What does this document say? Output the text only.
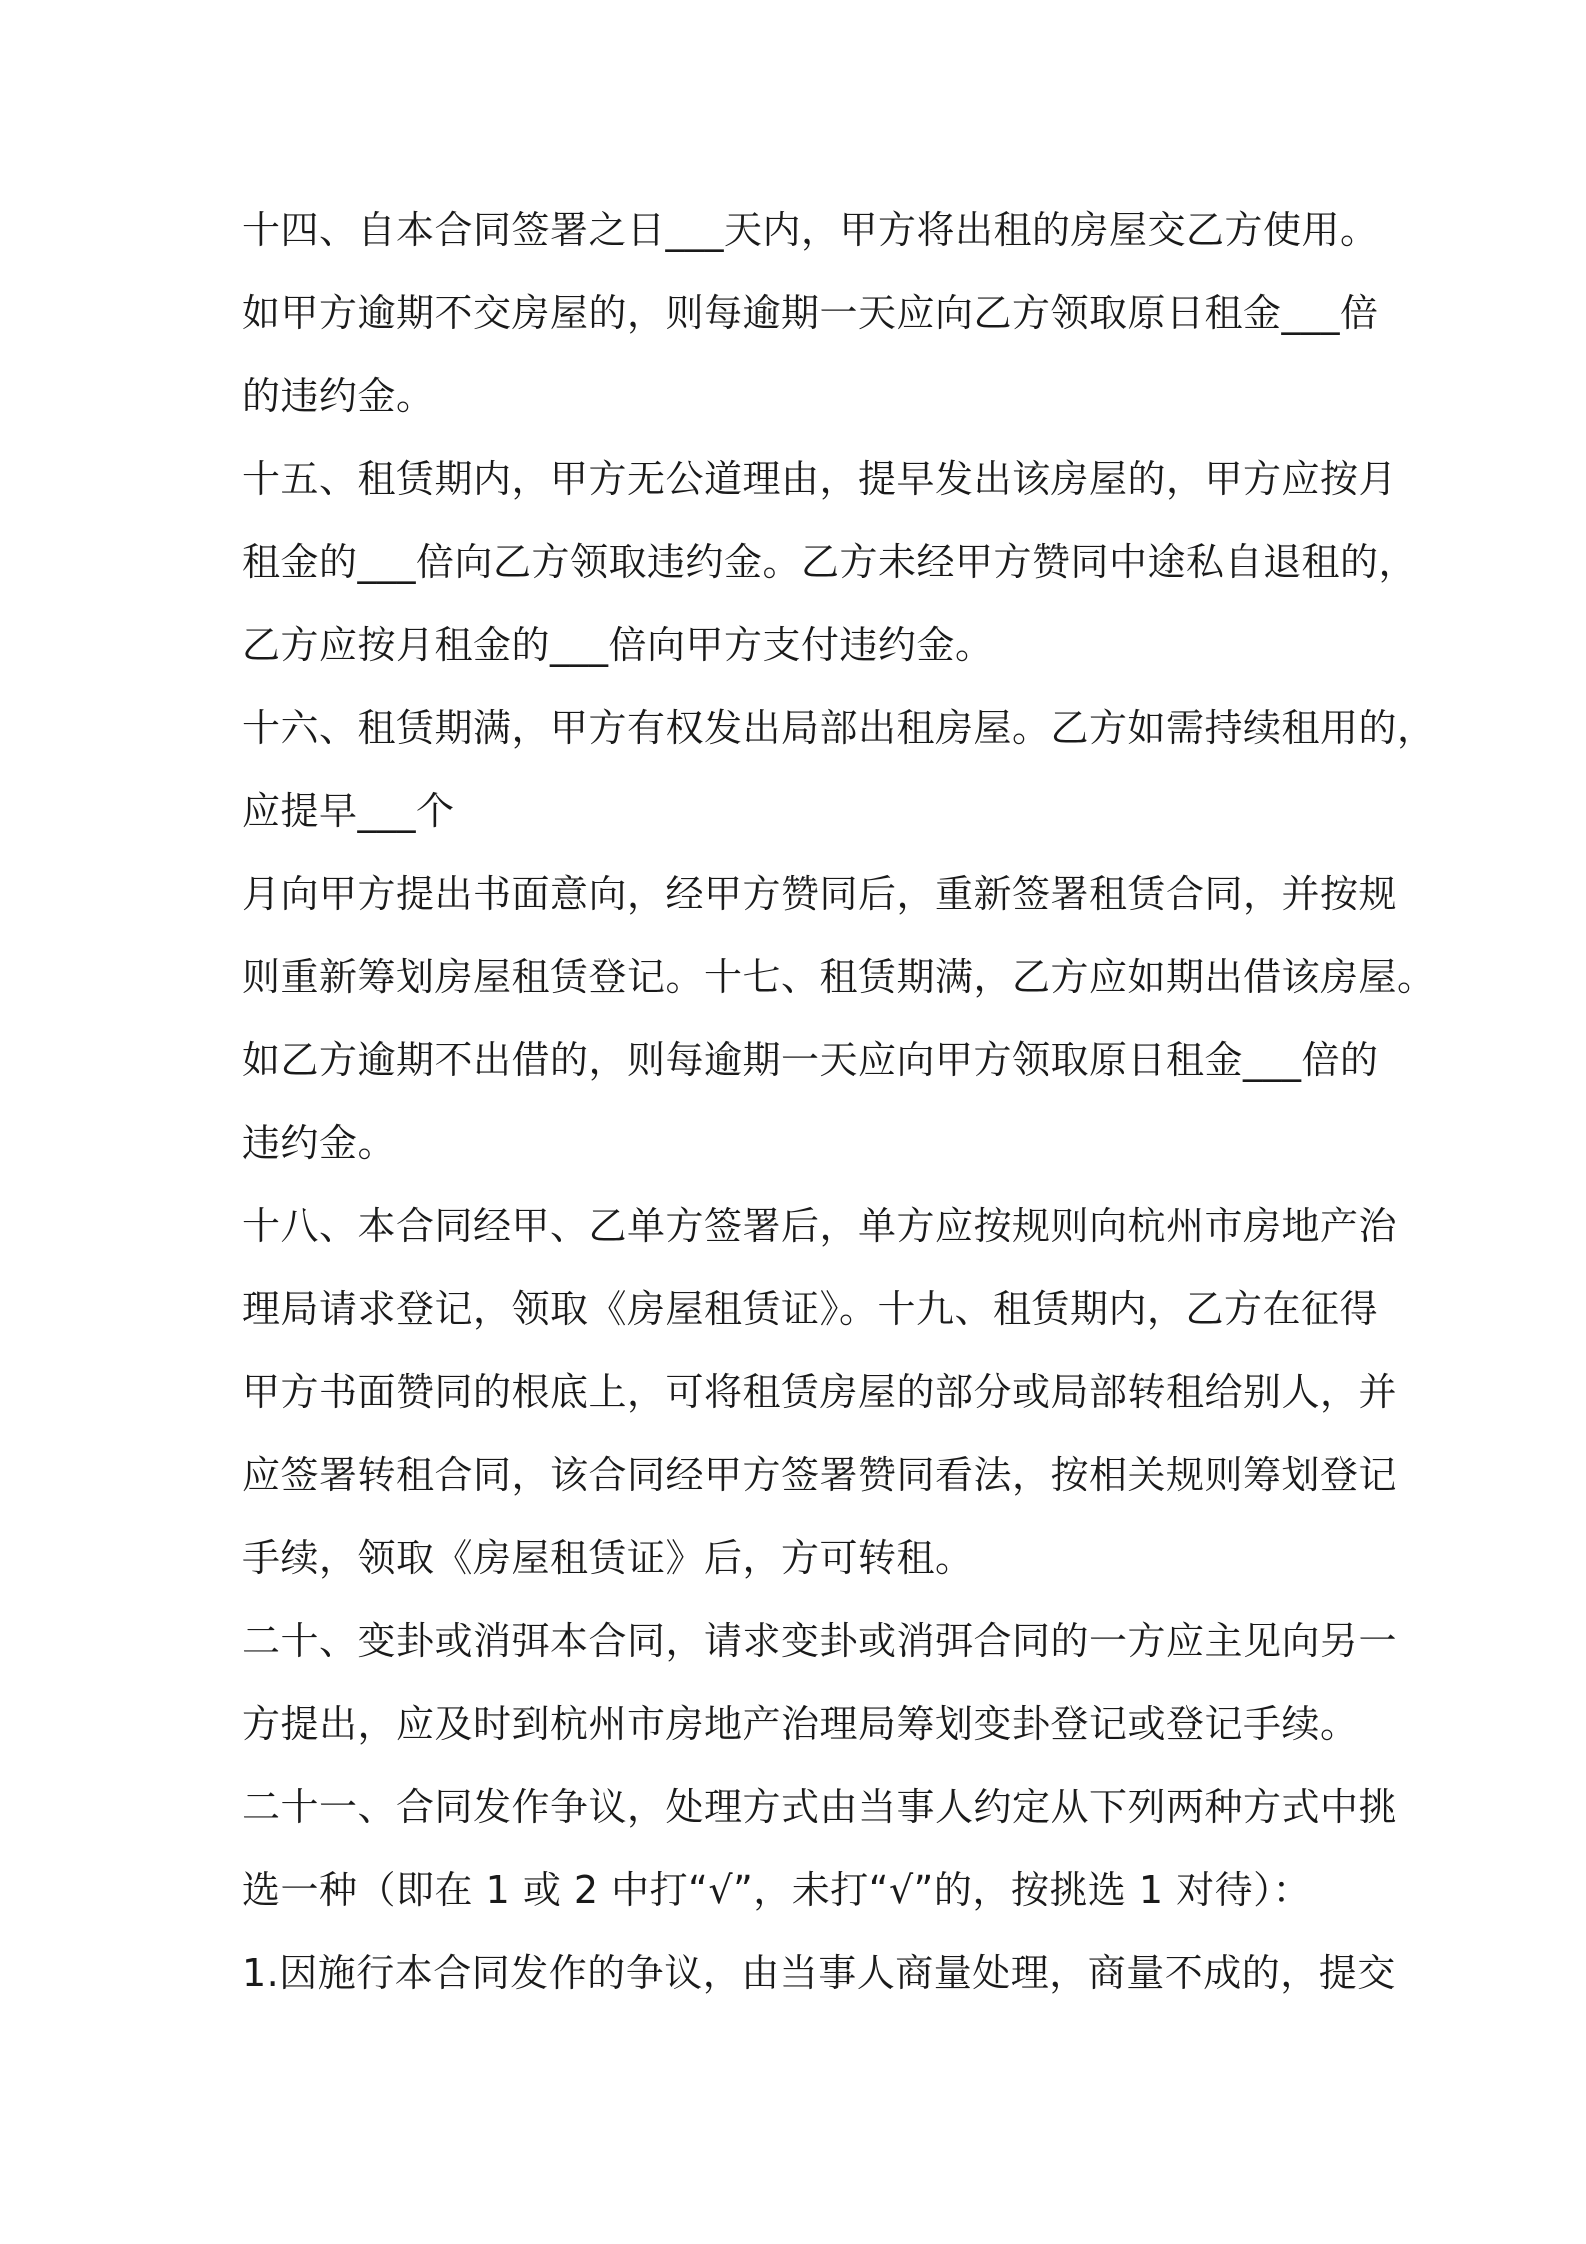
十四、自本合同签署之日___天内，甲方将出租的房屋交乙方使用。
如甲方逾期不交房屋的，则每逾期一天应向乙方领取原日租金___倍
的违约金。
十五、租赁期内，甲方无公道理由，提早发出该房屋的，甲方应按月
租金的___倍向乙方领取违约金。乙方未经甲方赞同中途私自退租的，
乙方应按月租金的___倍向甲方支付违约金。
十六、租赁期满，甲方有权发出局部出租房屋。乙方如需持续租用的，
应提早___个
月向甲方提出书面意向，经甲方赞同后，重新签署租赁合同，并按规
则重新筹划房屋租赁登记。十七、租赁期满，乙方应如期出借该房屋。
如乙方逾期不出借的，则每逾期一天应向甲方领取原日租金___倍的
违约金。
十八、本合同经甲、乙单方签署后，单方应按规则向杭州市房地产治
理局请求登记，领取《房屋租赁证》。十九、租赁期内，乙方在征得
甲方书面赞同的根底上，可将租赁房屋的部分或局部转租给别人，并
应签署转租合同，该合同经甲方签署赞同看法，按相关规则筹划登记
手续，领取《房屋租赁证》后，方可转租。
二十、变卦或消弭本合同，请求变卦或消弭合同的一方应主见向另一
方提出，应及时到杭州市房地产治理局筹划变卦登记或登记手续。
二十一、合同发作争议，处理方式由当事人约定从下列两种方式中挑
选一种（即在 1 或 2 中打“√”，未打“√”的，按挑选 1 对待）：
1.因施行本合同发作的争议，由当事人商量处理，商量不成的，提交
